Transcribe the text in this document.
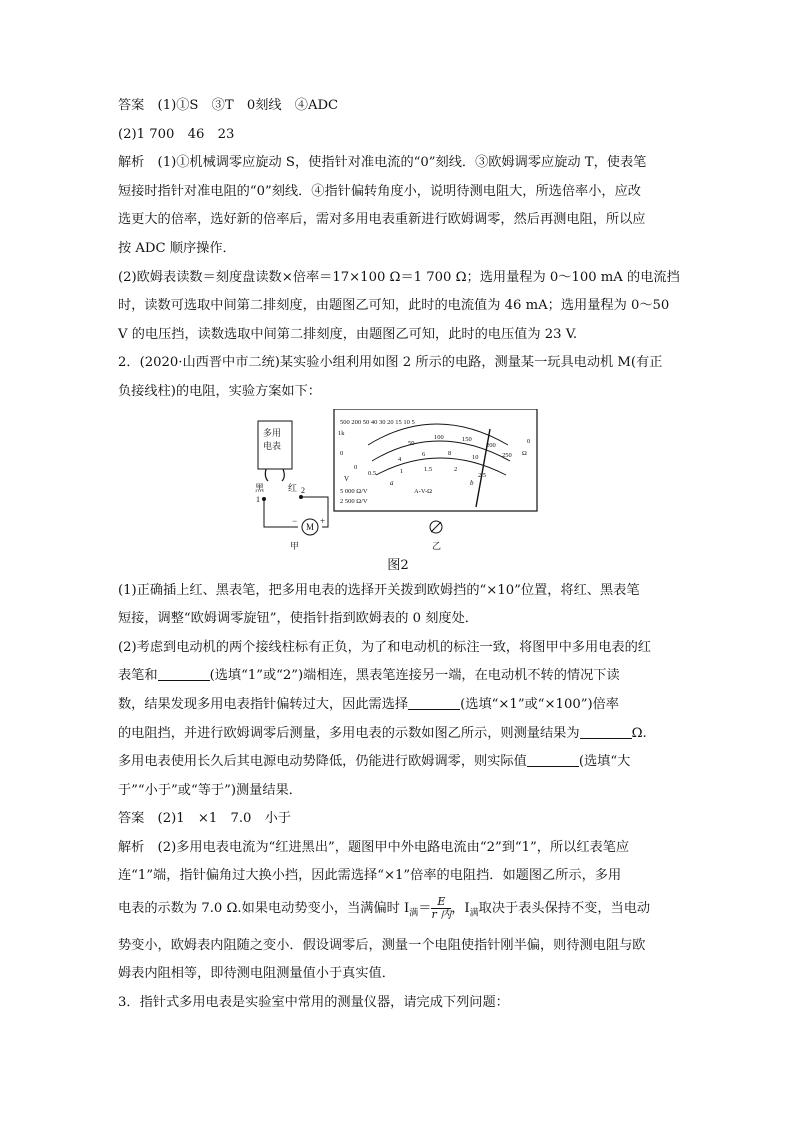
答案　(1)①S　③T　0刻线　④ADC
(2)1 700　46　23
解析　(1)①机械调零应旋动 S，使指针对准电流的“0”刻线．③欧姆调零应旋动 T，使表笔
短接时指针对准电阻的“0”刻线．④指针偏转角度小，说明待测电阻大，所选倍率小，应改
选更大的倍率，选好新的倍率后，需对多用电表重新进行欧姆调零，然后再测电阻，所以应
按 ADC 顺序操作．
(2)欧姆表读数＝刻度盘读数×倍率＝17×100 Ω＝1 700 Ω；选用量程为 0～100 mA 的电流挡
时，读数可选取中间第二排刻度，由题图乙可知，此时的电流值为 46 mA；选用量程为 0～50
V 的电压挡，读数选取中间第二排刻度，由题图乙可知，此时的电压值为 23 V.
2．(2020·山西晋中市二统)某实验小组利用如图 2 所示的电路，测量某一玩具电动机 M(有正
负接线柱)的电阻，实验方案如下：
多用
电表
黑	红
1
2
M
−	+
甲
500 200 50 40 30 20 15 10 5
1k
0
0
50
100	150
200
250
4
6	8
10
0
0.5	1	1.5	2
2.5
a	b
V
A-V-Ω
5 000 Ω/V
2 500 Ω/V
Ω
乙
图2
(1)正确插上红、黑表笔，把多用电表的选择开关拨到欧姆挡的“×10”位置，将红、黑表笔
短接，调整“欧姆调零旋钮”，使指针指到欧姆表的 0 刻度处．
(2)考虑到电动机的两个接线柱标有正负，为了和电动机的标注一致，将图甲中多用电表的红
表笔和	(选填“1”或“2”)端相连，黑表笔连接另一端，在电动机不转的情况下读
数，结果发现多用电表指针偏转过大，因此需选择	(选填“×1”或“×100”)倍率
的电阻挡，并进行欧姆调零后测量，多用电表的示数如图乙所示，则测量结果为	Ω.
多用电表使用长久后其电源电动势降低，仍能进行欧姆调零，则实际值	(选填“大
于”“小于”或“等于”)测量结果．
答案　(2)1　×1　7.0　小于
解析　(2)多用电表电流为“红进黑出”，题图甲中外电路电流由“2”到“1”，所以红表笔应
连“1”端，指针偏角过大换小挡，因此需选择“×1”倍率的电阻挡．如题图乙所示，多用
电表的示数为 7.0 Ω.如果电动势变小，当满偏时 $I_满= \frac{E}{\text{r 内}}$ ，$I_满$取决于表头保持不变，当电动
势变小，欧姆表内阻随之变小．假设调零后，测量一个电阻使指针刚半偏，则待测电阻与欧
姆表内阻相等，即待测电阻测量值小于真实值．
3．指针式多用电表是实验室中常用的测量仪器，请完成下列问题：
